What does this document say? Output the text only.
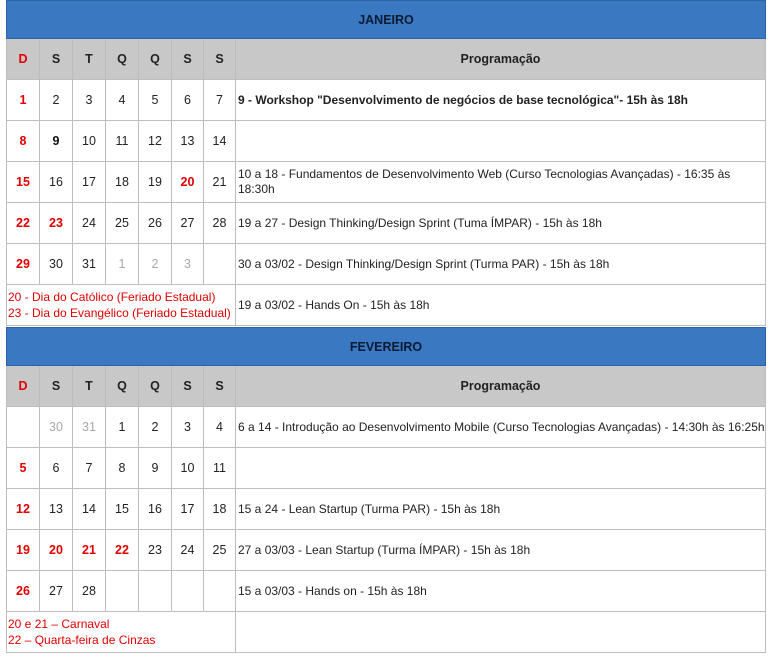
JANEIRO							
D	S	T	Q	Q	S	S	Programação
1	2	3	4	5	6	7	9 - Workshop "Desenvolvimento de negócios de base tecnológica"- 15h às 18h
8	9	10	11	12	13	14	
15	16	17	18	19	20	21	10 a 18 - Fundamentos de Desenvolvimento Web (Curso Tecnologias Avançadas) - 16:35 às 18:30h
22	23	24	25	26	27	28	19 a 27 - Design Thinking/Design Sprint (Tuma ÍMPAR) - 15h às 18h
29	30	31	1	2	3		30 a 03/02 - Design Thinking/Design Sprint (Turma PAR) - 15h às 18h

20 - Dia do Católico (Feriado Estadual)
23 - Dia do Evangélico (Feriado Estadual)							19 a 03/02 - Hands On - 15h às 18h
FEVEREIRO							
D	S	T	Q	Q	S	S	Programação
	30	31	1	2	3	4	6 a 14 - Introdução ao Desenvolvimento Mobile (Curso Tecnologias Avançadas) - 14:30h às 16:25h
5	6	7	8	9	10	11	
12	13	14	15	16	17	18	15 a 24 - Lean Startup (Turma PAR) - 15h às 18h
19	20	21	22	23	24	25	27 a 03/03 - Lean Startup (Turma ÍMPAR) - 15h às 18h
26	27	28					15 a 03/03 - Hands on - 15h às 18h

20 e 21 – Carnaval
22 – Quarta-feira de Cinzas							
